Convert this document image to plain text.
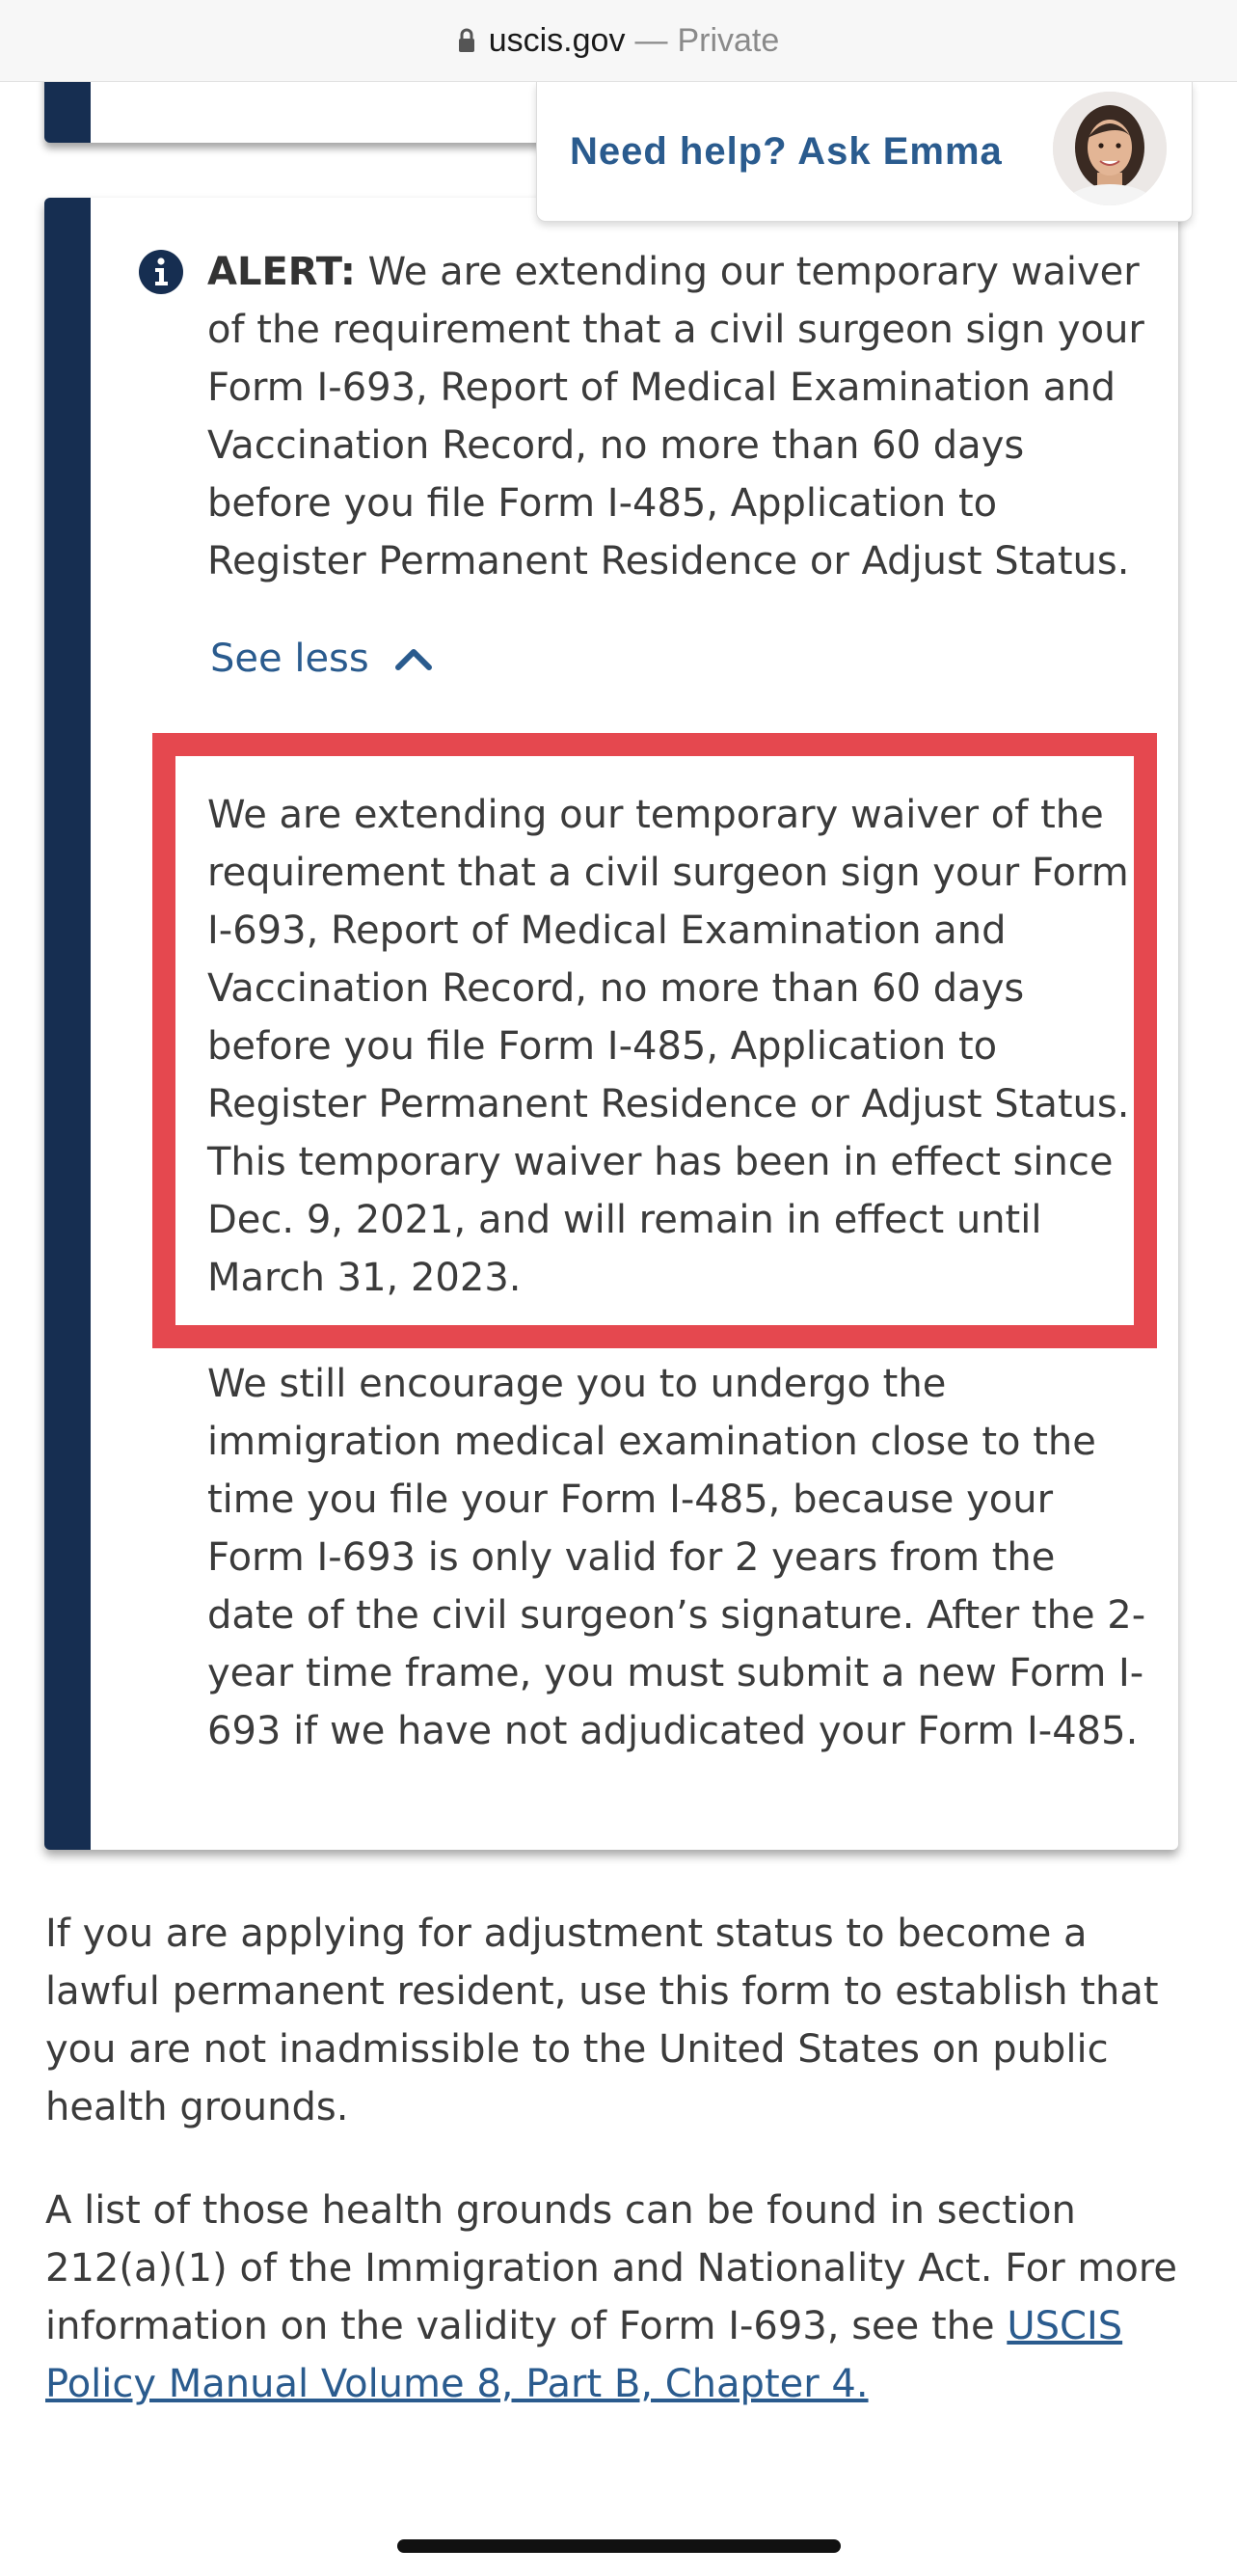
uscis.gov — Private
Need help? Ask Emma
ALERT: We are extending our temporary waiver of the requirement that a civil surgeon sign your Form I-693, Report of Medical Examination and Vaccination Record, no more than 60 days before you file Form I-485, Application to Register Permanent Residence or Adjust Status.
See less

We are extending our temporary waiver of the requirement that a civil surgeon sign your Form I-693, Report of Medical Examination and Vaccination Record, no more than 60 days before you file Form I-485, Application to Register Permanent Residence or Adjust Status. This temporary waiver has been in effect since Dec. 9, 2021, and will remain in effect until March 31, 2023.

We still encourage you to undergo the immigration medical examination close to the time you file your Form I-485, because your Form I-693 is only valid for 2 years from the date of the civil surgeon’s signature. After the 2-year time frame, you must submit a new Form I-693 if we have not adjudicated your Form I-485.

If you are applying for adjustment status to become a lawful permanent resident, use this form to establish that you are not inadmissible to the United States on public health grounds.

A list of those health grounds can be found in section 212(a)(1) of the Immigration and Nationality Act. For more information on the validity of Form I-693, see the USCIS Policy Manual Volume 8, Part B, Chapter 4.
